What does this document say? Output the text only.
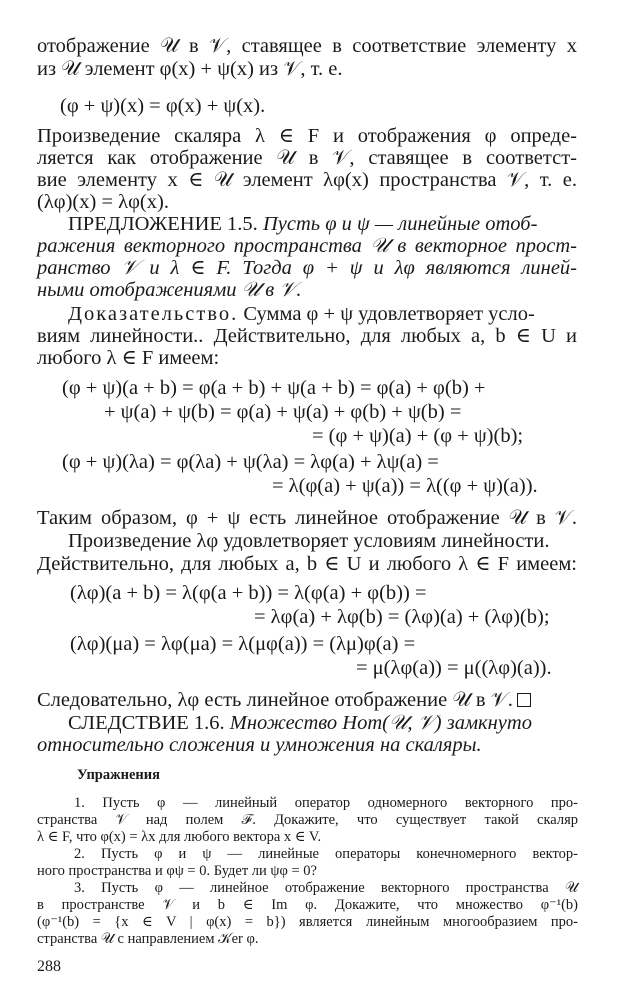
отображение 𝒰 в 𝒱, ставящее в соответствие элементу x
из 𝒰 элемент φ(x) + ψ(x) из 𝒱, т. е.
(φ + ψ)(x) = φ(x) + ψ(x).
Произведение скаляра λ ∈ F и отображения φ опреде-
ляется как отображение 𝒰 в 𝒱, ставящее в соответст-
вие элементу x ∈ 𝒰 элемент λφ(x) пространства 𝒱, т. е.
(λφ)(x) = λφ(x).
ПРЕДЛОЖЕНИЕ 1.5. Пусть φ и ψ — линейные отоб-
ражения векторного пространства 𝒰 в векторное прост-
ранство 𝒱 и λ ∈ F. Тогда φ + ψ и λφ являются линей-
ными отображениями 𝒰 в 𝒱.
Доказательство. Сумма φ + ψ удовлетворяет усло-
виям линейности.. Действительно, для любых a, b ∈ U и
любого λ ∈ F имеем:
(φ + ψ)(a + b) = φ(a + b) + ψ(a + b) = φ(a) + φ(b) +
+ ψ(a) + ψ(b) = φ(a) + ψ(a) + φ(b) + ψ(b) =
= (φ + ψ)(a) + (φ + ψ)(b);
(φ + ψ)(λa) = φ(λa) + ψ(λa) = λφ(a) + λψ(a) =
= λ(φ(a) + ψ(a)) = λ((φ + ψ)(a)).
Таким образом, φ + ψ есть линейное отображение 𝒰 в 𝒱.
Произведение λφ удовлетворяет условиям линейности.
Действительно, для любых a, b ∈ U и любого λ ∈ F имеем:
(λφ)(a + b) = λ(φ(a + b)) = λ(φ(a) + φ(b)) =
= λφ(a) + λφ(b) = (λφ)(a) + (λφ)(b);
(λφ)(μa) = λφ(μa) = λ(μφ(a)) = (λμ)φ(a) =
= μ(λφ(a)) = μ((λφ)(a)).
Следовательно, λφ есть линейное отображение 𝒰 в 𝒱.
СЛЕДСТВИЕ 1.6. Множество Hom(𝒰, 𝒱) замкнуто
относительно сложения и умножения на скаляры.
Упражнения
1. Пусть φ — линейный оператор одномерного векторного про-
странства 𝒱 над полем ℱ. Докажите, что существует такой скаляр
λ ∈ F, что φ(x) = λx для любого вектора x ∈ V.
2. Пусть φ и ψ — линейные операторы конечномерного вектор-
ного пространства и φψ = 0. Будет ли ψφ = 0?
3. Пусть φ — линейное отображение векторного пространства 𝒰
в пространстве 𝒱 и b ∈ Im φ. Докажите, что множество φ⁻¹(b)
(φ⁻¹(b) = {x ∈ V | φ(x) = b}) является линейным многообразием про-
странства 𝒰 с направлением 𝒦er φ.
288
